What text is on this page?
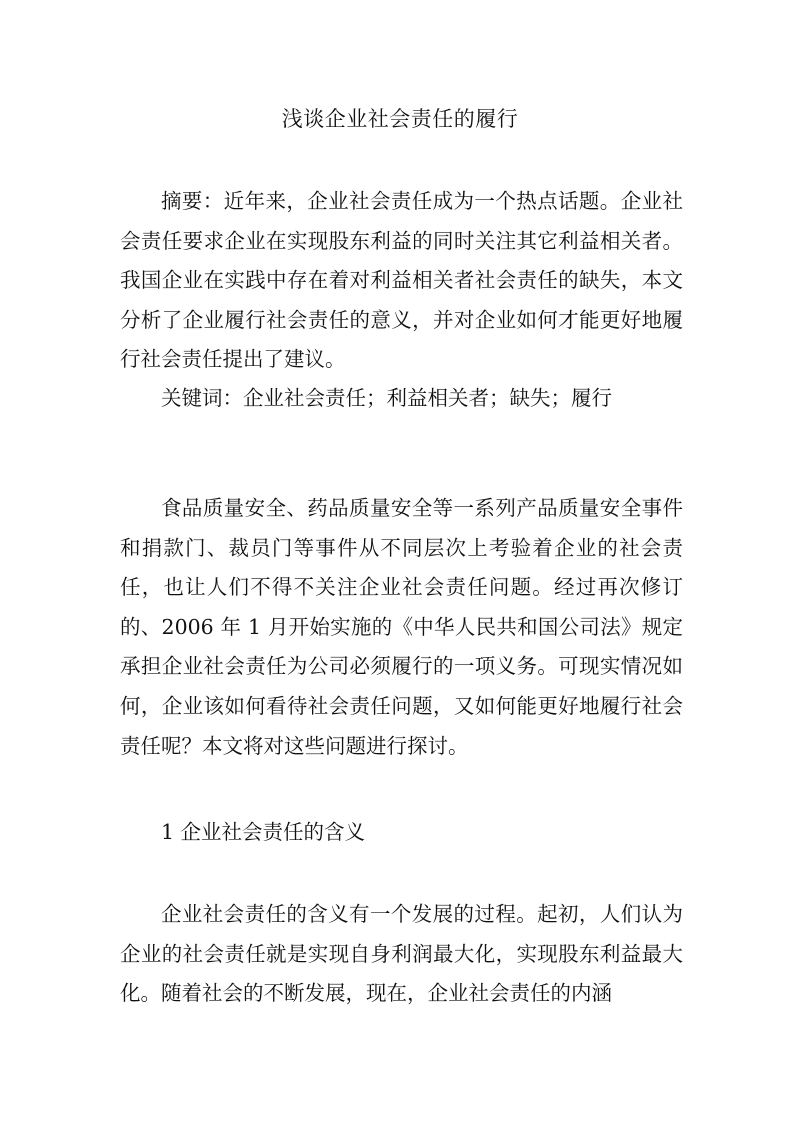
浅谈企业社会责任的履行

摘要：近年来，企业社会责任成为一个热点话题。企业社会责任要求企业在实现股东利益的同时关注其它利益相关者。我国企业在实践中存在着对利益相关者社会责任的缺失，本文分析了企业履行社会责任的意义，并对企业如何才能更好地履行社会责任提出了建议。

关键词：企业社会责任；利益相关者；缺失；履行

食品质量安全、药品质量安全等一系列产品质量安全事件和捐款门、裁员门等事件从不同层次上考验着企业的社会责任，也让人们不得不关注企业社会责任问题。经过再次修订的、2006 年 1 月开始实施的《中华人民共和国公司法》规定承担企业社会责任为公司必须履行的一项义务。可现实情况如何，企业该如何看待社会责任问题，又如何能更好地履行社会责任呢？本文将对这些问题进行探讨。

1 企业社会责任的含义

企业社会责任的含义有一个发展的过程。起初，人们认为企业的社会责任就是实现自身利润最大化，实现股东利益最大化。随着社会的不断发展，现在，企业社会责任的内涵
